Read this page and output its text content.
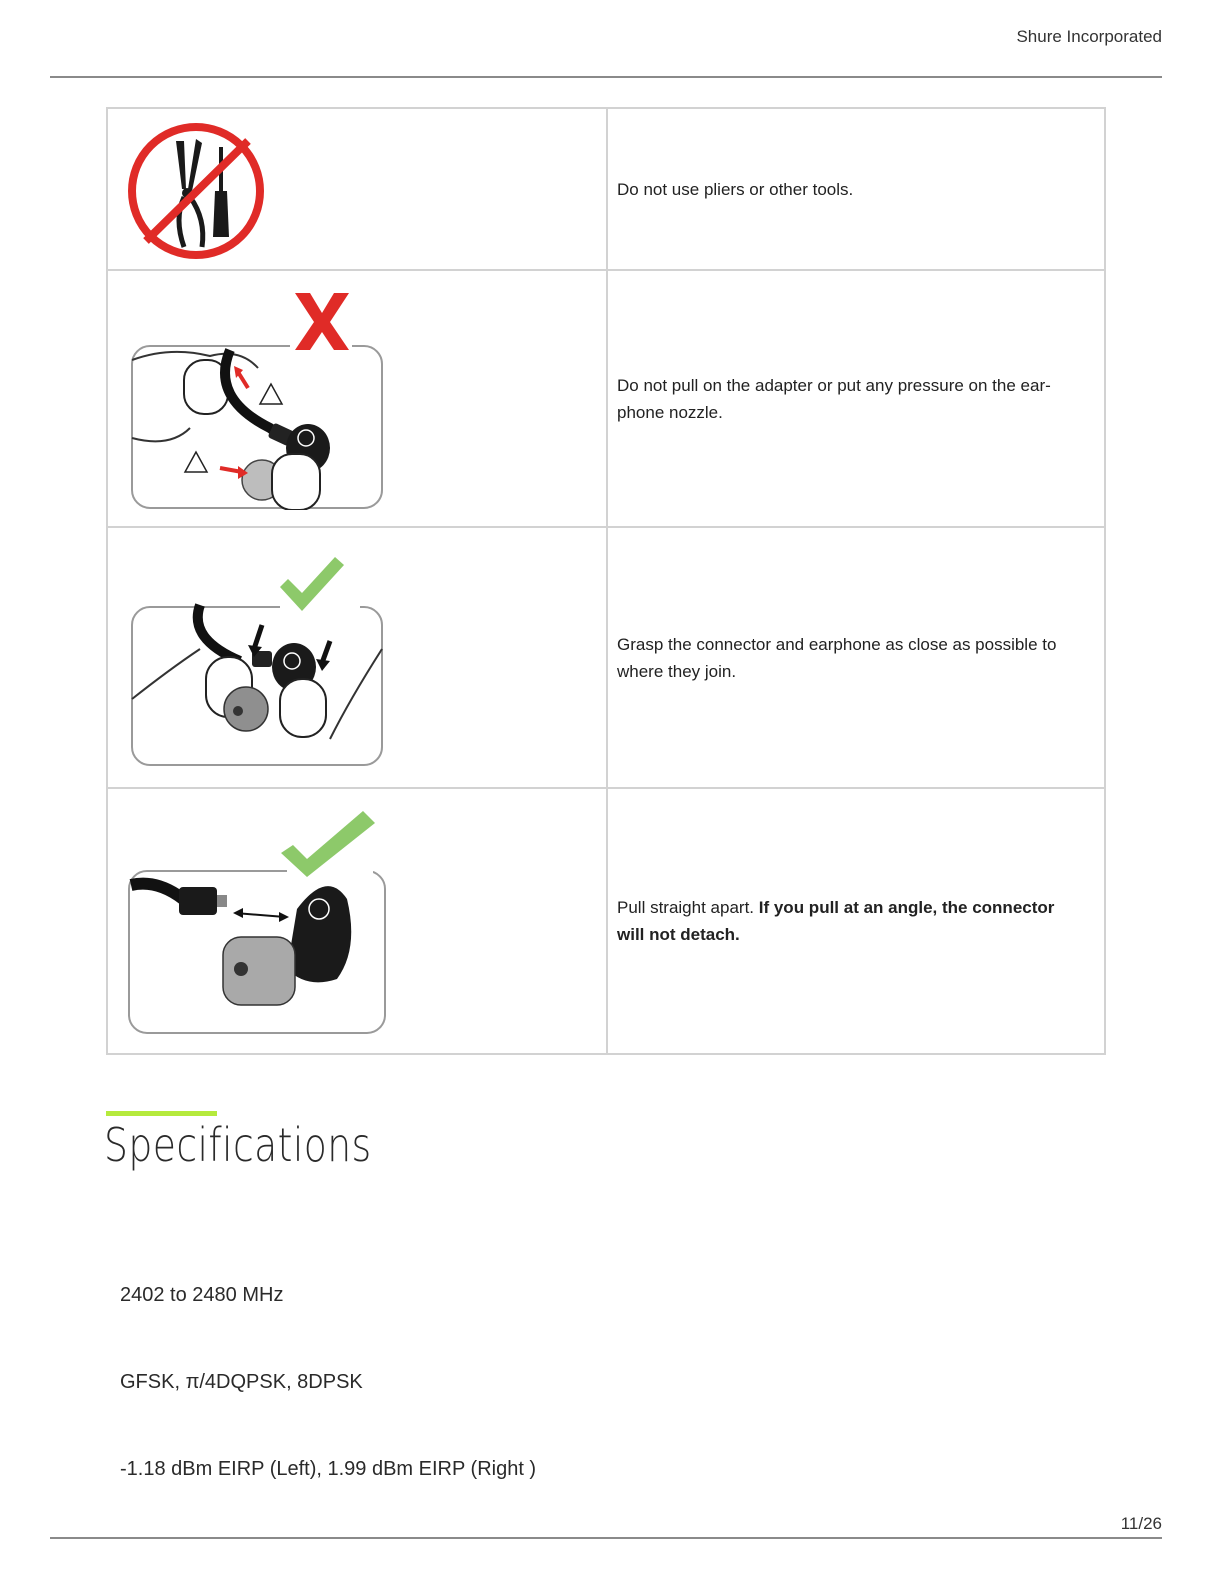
Shure Incorporated
	Do not use pliers or other tools.

	Do not pull on the adapter or put any pressure on the ear-phone nozzle.

	Grasp the connector and earphone as close as possible to where they join.

	Pull straight apart. If you pull at an angle, the connector will not detach.
Specifications
2402 to 2480 MHz
GFSK, π/4DQPSK, 8DPSK
-1.18 dBm EIRP (Left), 1.99 dBm EIRP (Right )
11/26
